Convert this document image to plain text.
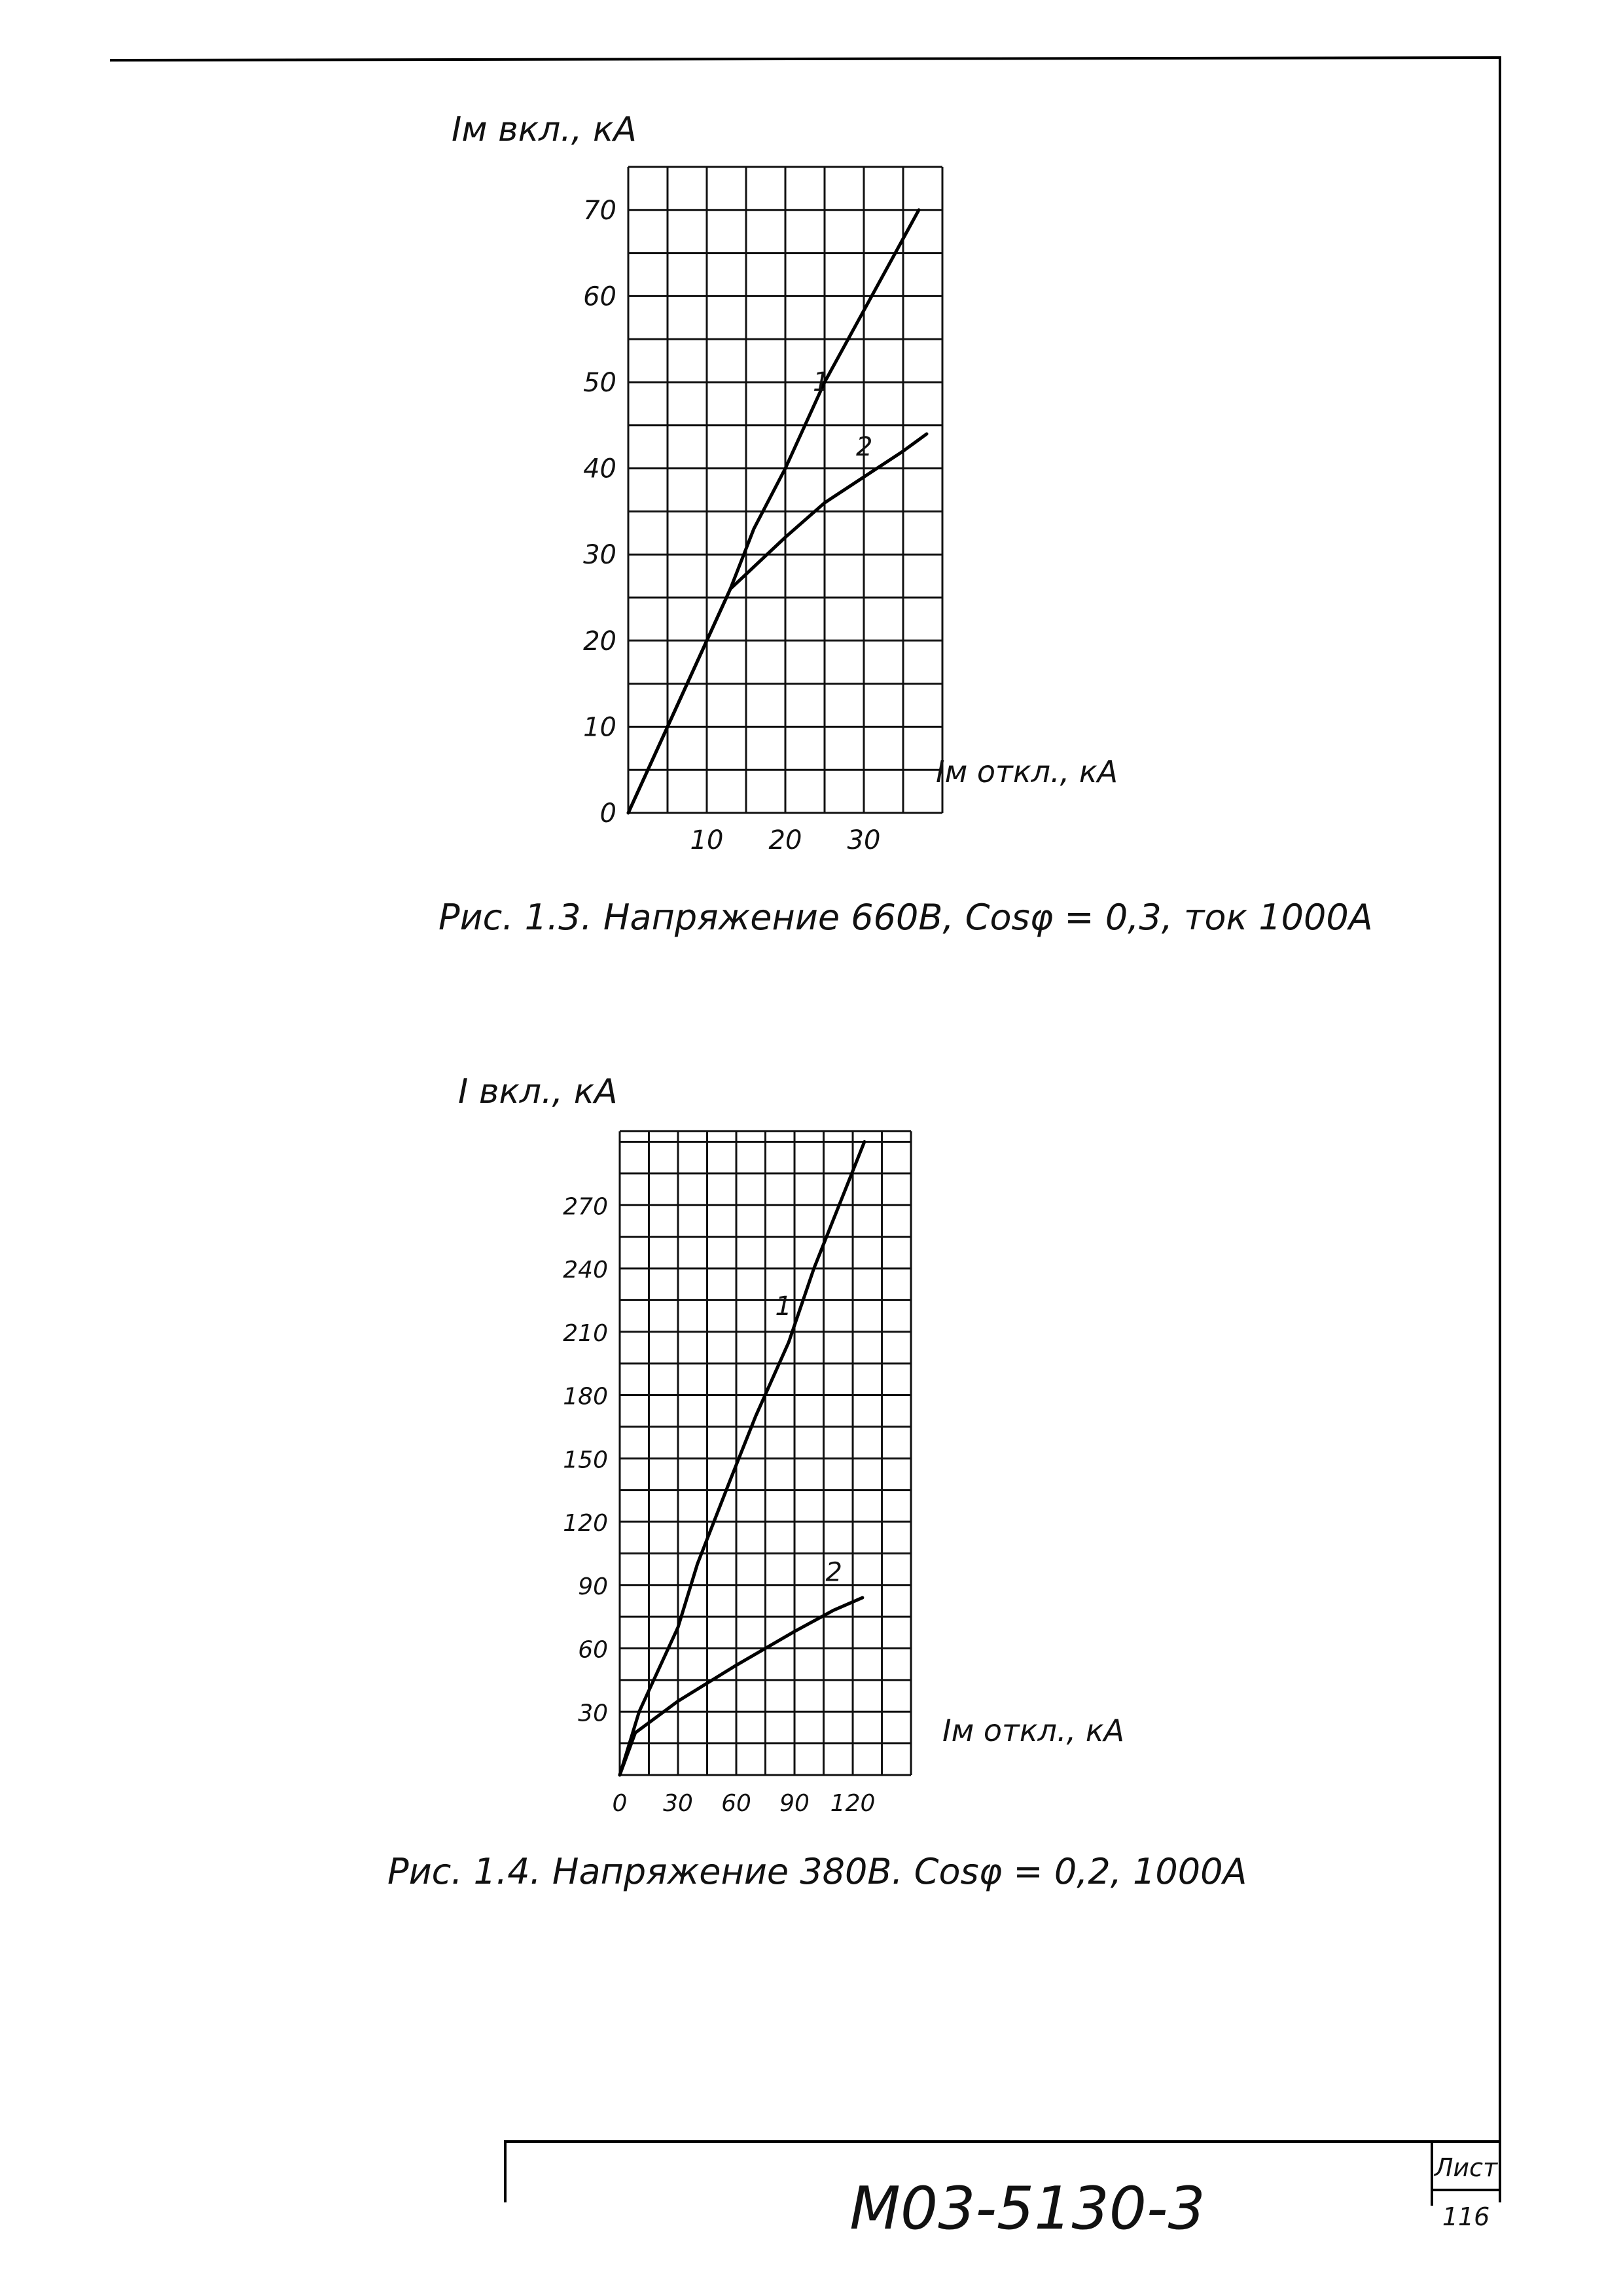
0
10
20
30
40
50
60
70
10 20 30
1
2
Iм вкл., кА
Iм откл., кА
Рис. 1.3. Напряжение 660В, Cosφ = 0,3, ток 1000А
30
60
90
120
150
180
210
240
270
0 30 60 90 120
1
2
I вкл., кА
Iм откл., кА
Рис. 1.4. Напряжение 380В. Cosφ = 0,2, 1000А
М03-5130-3
Лист
116
